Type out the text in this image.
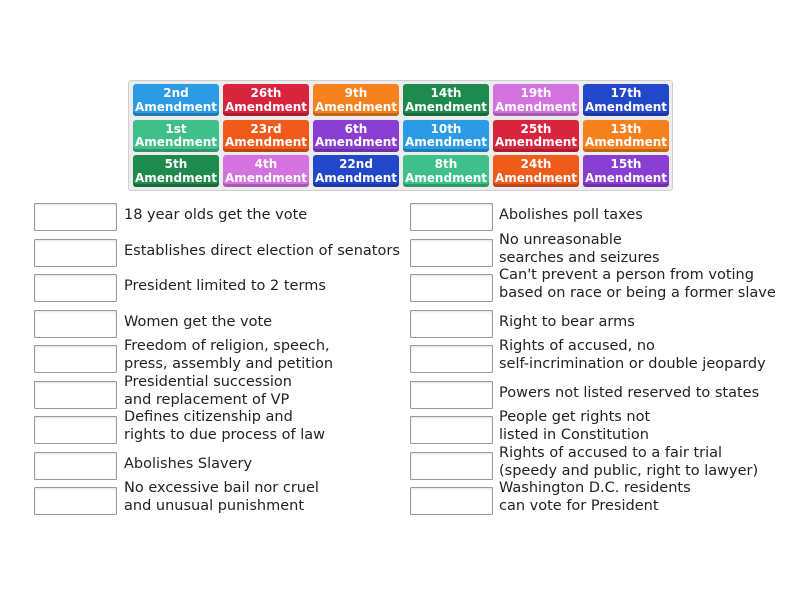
2nd
Amendment
26th
Amendment
9th
Amendment
14th
Amendment
19th
Amendment
17th
Amendment
1st
Amendment
23rd
Amendment
6th
Amendment
10th
Amendment
25th
Amendment
13th
Amendment
5th
Amendment
4th
Amendment
22nd
Amendment
8th
Amendment
24th
Amendment
15th
Amendment
18 year olds get the vote
Establishes direct election of senators
President limited to 2 terms
Women get the vote
Freedom of religion, speech,
press, assembly and petition
Presidential succession
and replacement of VP
Defines citizenship and
rights to due process of law
Abolishes Slavery
No excessive bail nor cruel
and unusual punishment
Abolishes poll taxes
No unreasonable
searches and seizures
Can't prevent a person from voting
based on race or being a former slave
Right to bear arms
Rights of accused, no
self-incrimination or double jeopardy
Powers not listed reserved to states
People get rights not
listed in Constitution
Rights of accused to a fair trial
(speedy and public, right to lawyer)
Washington D.C. residents
can vote for President
